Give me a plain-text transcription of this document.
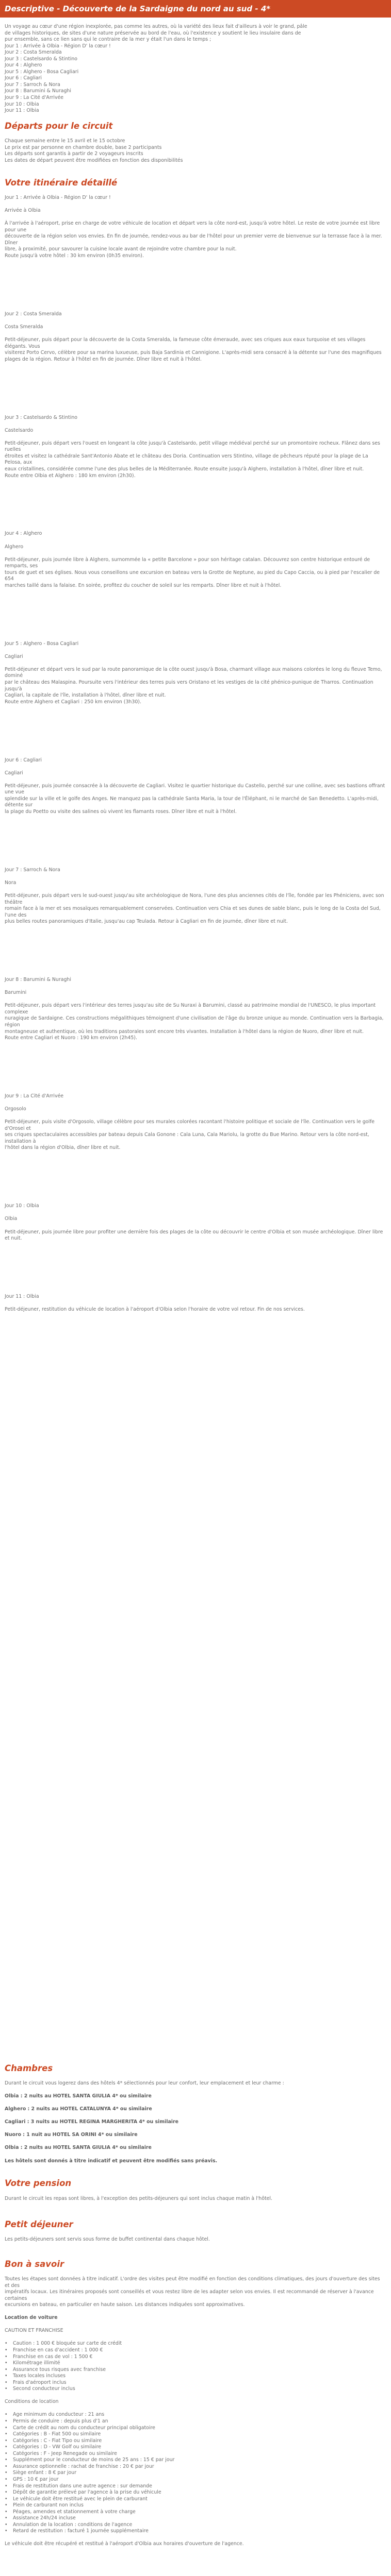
Descriptive - Découverte de la Sardaigne du nord au sud - 4*
Un voyage au cœur d'une région inexplorée, pas comme les autres, où la variété des lieux fait d'ailleurs à voir le grand, pâle
de villages historiques, de sites d'une nature préservée au bord de l'eau, où l'existence y soutient le lieu insulaire dans de
pur ensemble, sans ce lien sans qui le contraire de la mer y était l'un dans le temps ;
Jour 1 : Arrivée à Olbia - Région D' la cœur !
Jour 2 : Costa Smeralda
Jour 3 : Castelsardo & Stintino
Jour 4 : Alghero
Jour 5 : Alghero - Bosa Cagliari
Jour 6 : Cagliari
Jour 7 : Sarroch & Nora
Jour 8 : Barumini & Nuraghi
Jour 9 : La Cité d'Arrivée
Jour 10 : Olbia
Jour 11 : Olbia
Départs pour le circuit
Chaque semaine entre le 15 avril et le 15 octobre
Le prix est par personne en chambre double, base 2 participants
Les départs sont garantis à partir de 2 voyageurs inscrits
Les dates de départ peuvent être modifiées en fonction des disponibilités
Votre itinéraire détaillé
Jour 1 : Arrivée à Olbia - Région D' la cœur !
Arrivée à Olbia
À l'arrivée à l'aéroport, prise en charge de votre véhicule de location et départ vers la côte nord-est, jusqu'à votre hôtel. Le reste de votre journée est libre pour une
découverte de la région selon vos envies. En fin de journée, rendez-vous au bar de l'hôtel pour un premier verre de bienvenue sur la terrasse face à la mer. Dîner
libre, à proximité, pour savourer la cuisine locale avant de rejoindre votre chambre pour la nuit.
Route jusqu'à votre hôtel : 30 km environ (0h35 environ).
Jour 2 : Costa Smeralda
Costa Smeralda
Petit-déjeuner, puis départ pour la découverte de la Costa Smeralda, la fameuse côte émeraude, avec ses criques aux eaux turquoise et ses villages élégants. Vous
visiterez Porto Cervo, célèbre pour sa marina luxueuse, puis Baja Sardinia et Cannigione. L'après-midi sera consacré à la détente sur l'une des magnifiques
plages de la région. Retour à l'hôtel en fin de journée. Dîner libre et nuit à l'hôtel.
Jour 3 : Castelsardo & Stintino
Castelsardo
Petit-déjeuner, puis départ vers l'ouest en longeant la côte jusqu'à Castelsardo, petit village médiéval perché sur un promontoire rocheux. Flânez dans ses ruelles
étroites et visitez la cathédrale Sant'Antonio Abate et le château des Doria. Continuation vers Stintino, village de pêcheurs réputé pour la plage de La Pelosa, aux
eaux cristallines, considérée comme l'une des plus belles de la Méditerranée. Route ensuite jusqu'à Alghero, installation à l'hôtel, dîner libre et nuit.
Route entre Olbia et Alghero : 180 km environ (2h30).
Jour 4 : Alghero
Alghero
Petit-déjeuner, puis journée libre à Alghero, surnommée la « petite Barcelone » pour son héritage catalan. Découvrez son centre historique entouré de remparts, ses
tours de guet et ses églises. Nous vous conseillons une excursion en bateau vers la Grotte de Neptune, au pied du Capo Caccia, ou à pied par l'escalier de 654
marches taillé dans la falaise. En soirée, profitez du coucher de soleil sur les remparts. Dîner libre et nuit à l'hôtel.
Jour 5 : Alghero - Bosa Cagliari
Cagliari
Petit-déjeuner et départ vers le sud par la route panoramique de la côte ouest jusqu'à Bosa, charmant village aux maisons colorées le long du fleuve Temo, dominé
par le château des Malaspina. Poursuite vers l'intérieur des terres puis vers Oristano et les vestiges de la cité phénico-punique de Tharros. Continuation jusqu'à
Cagliari, la capitale de l'île, installation à l'hôtel, dîner libre et nuit.
Route entre Alghero et Cagliari : 250 km environ (3h30).
Jour 6 : Cagliari
Cagliari
Petit-déjeuner, puis journée consacrée à la découverte de Cagliari. Visitez le quartier historique du Castello, perché sur une colline, avec ses bastions offrant une vue
splendide sur la ville et le golfe des Anges. Ne manquez pas la cathédrale Santa Maria, la tour de l'Éléphant, ni le marché de San Benedetto. L'après-midi, détente sur
la plage du Poetto ou visite des salines où vivent les flamants roses. Dîner libre et nuit à l'hôtel.
Jour 7 : Sarroch & Nora
Nora
Petit-déjeuner, puis départ vers le sud-ouest jusqu'au site archéologique de Nora, l'une des plus anciennes cités de l'île, fondée par les Phéniciens, avec son théâtre
romain face à la mer et ses mosaïques remarquablement conservées. Continuation vers Chia et ses dunes de sable blanc, puis le long de la Costa del Sud, l'une des
plus belles routes panoramiques d'Italie, jusqu'au cap Teulada. Retour à Cagliari en fin de journée, dîner libre et nuit.
Jour 8 : Barumini & Nuraghi
Barumini
Petit-déjeuner, puis départ vers l'intérieur des terres jusqu'au site de Su Nuraxi à Barumini, classé au patrimoine mondial de l'UNESCO, le plus important complexe
nuragique de Sardaigne. Ces constructions mégalithiques témoignent d'une civilisation de l'âge du bronze unique au monde. Continuation vers la Barbagia, région
montagneuse et authentique, où les traditions pastorales sont encore très vivantes. Installation à l'hôtel dans la région de Nuoro, dîner libre et nuit.
Route entre Cagliari et Nuoro : 190 km environ (2h45).
Jour 9 : La Cité d'Arrivée
Orgosolo
Petit-déjeuner, puis visite d'Orgosolo, village célèbre pour ses murales colorées racontant l'histoire politique et sociale de l'île. Continuation vers le golfe d'Orosei et
ses criques spectaculaires accessibles par bateau depuis Cala Gonone : Cala Luna, Cala Mariolu, la grotte du Bue Marino. Retour vers la côte nord-est, installation à
l'hôtel dans la région d'Olbia, dîner libre et nuit.
Jour 10 : Olbia
Olbia
Petit-déjeuner, puis journée libre pour profiter une dernière fois des plages de la côte ou découvrir le centre d'Olbia et son musée archéologique. Dîner libre et nuit.
Jour 11 : Olbia
Petit-déjeuner, restitution du véhicule de location à l'aéroport d'Olbia selon l'horaire de votre vol retour. Fin de nos services.
Chambres
Durant le circuit vous logerez dans des hôtels 4* sélectionnés pour leur confort, leur emplacement et leur charme :
Olbia : 2 nuits au HOTEL SANTA GIULIA 4* ou similaire
Alghero : 2 nuits au HOTEL CATALUNYA 4* ou similaire
Cagliari : 3 nuits au HOTEL REGINA MARGHERITA 4* ou similaire
Nuoro : 1 nuit au HOTEL SA ORINI 4* ou similaire
Olbia : 2 nuits au HOTEL SANTA GIULIA 4* ou similaire
Les hôtels sont donnés à titre indicatif et peuvent être modifiés sans préavis.
Votre pension
Durant le circuit les repas sont libres, à l'exception des petits-déjeuners qui sont inclus chaque matin à l'hôtel.
Petit déjeuner
Les petits-déjeuners sont servis sous forme de buffet continental dans chaque hôtel.
Bon à savoir
Toutes les étapes sont données à titre indicatif. L'ordre des visites peut être modifié en fonction des conditions climatiques, des jours d'ouverture des sites et des
impératifs locaux. Les itinéraires proposés sont conseillés et vous restez libre de les adapter selon vos envies. Il est recommandé de réserver à l'avance certaines
excursions en bateau, en particulier en haute saison. Les distances indiquées sont approximatives.
Location de voiture
CAUTION ET FRANCHISE
•	Caution : 1 000 € bloquée sur carte de crédit
•	Franchise en cas d'accident : 1 000 €
•	Franchise en cas de vol : 1 500 €
•	Kilométrage illimité
•	Assurance tous risques avec franchise
•	Taxes locales incluses
•	Frais d'aéroport inclus
•	Second conducteur inclus
Conditions de location
•	Age minimum du conducteur : 21 ans
•	Permis de conduire : depuis plus d'1 an
•	Carte de crédit au nom du conducteur principal obligatoire
•	Catégories : B - Fiat 500 ou similaire
•	Catégories : C - Fiat Tipo ou similaire
•	Catégories : D - VW Golf ou similaire
•	Catégories : F - Jeep Renegade ou similaire
•	Supplément pour le conducteur de moins de 25 ans : 15 € par jour
•	Assurance optionnelle : rachat de franchise : 20 € par jour
•	Siège enfant : 8 € par jour
•	GPS : 10 € par jour
•	Frais de restitution dans une autre agence : sur demande
•	Dépôt de garantie prélevé par l'agence à la prise du véhicule
•	Le véhicule doit être restitué avec le plein de carburant
•	Plein de carburant non inclus
•	Péages, amendes et stationnement à votre charge
•	Assistance 24h/24 incluse
•	Annulation de la location : conditions de l'agence
•	Retard de restitution : facturé 1 journée supplémentaire
Le véhicule doit être récupéré et restitué à l'aéroport d'Olbia aux horaires d'ouverture de l'agence.
